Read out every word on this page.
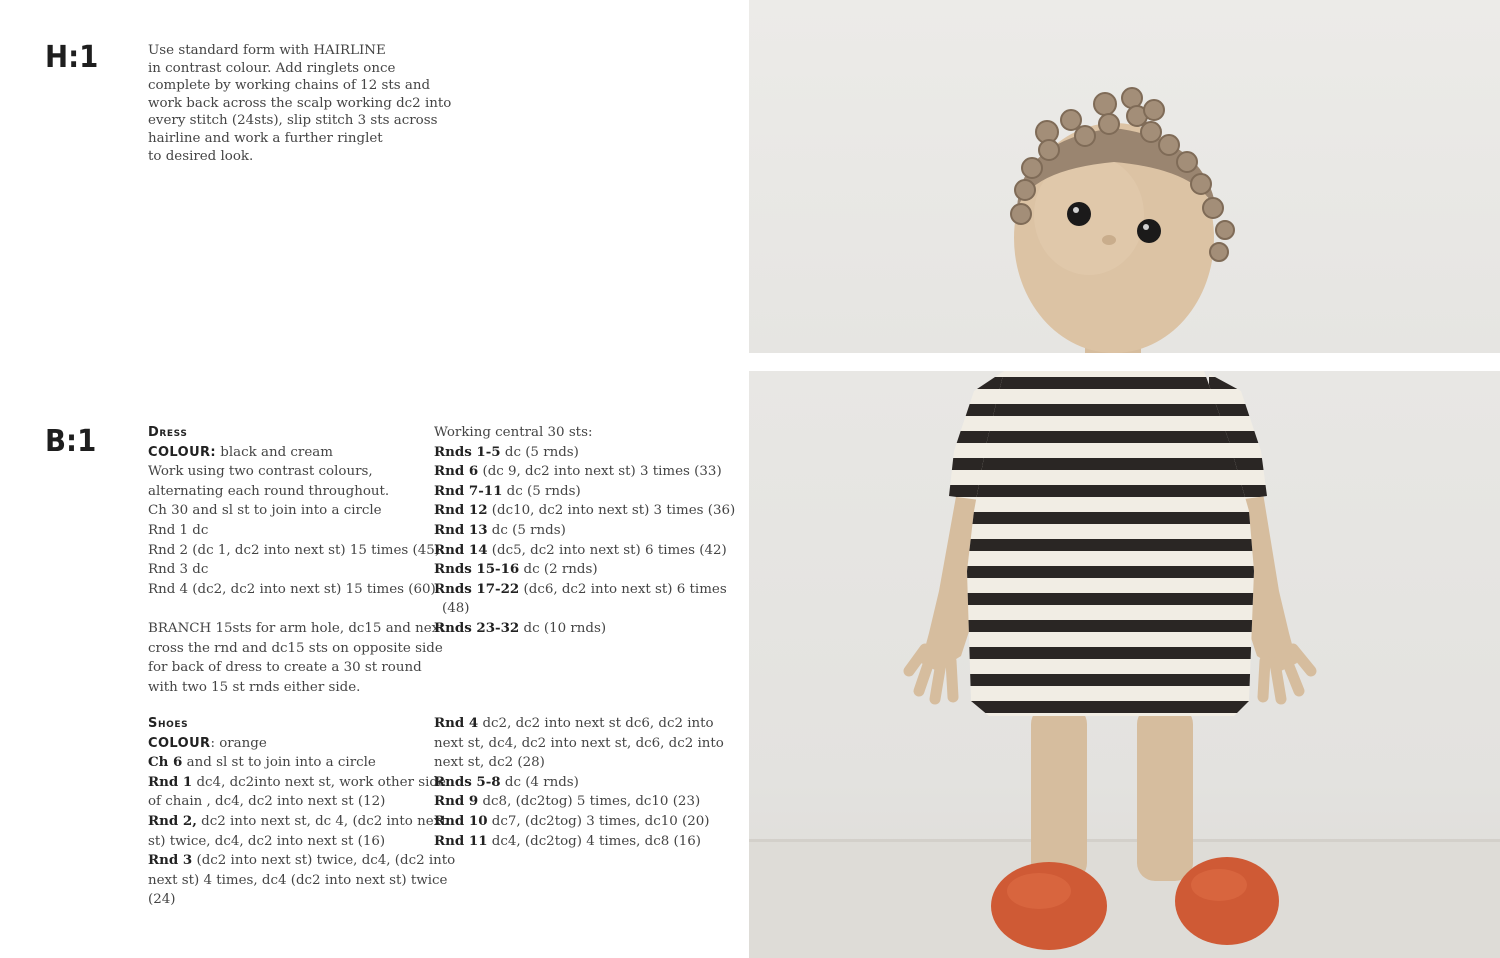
H:1	Use standard form with HAIRLINE

in contrast colour. Add ringlets once

complete by working chains of 12 sts and

work back across the scalp working dc2 into

every stitch (24sts), slip stitch 3 sts across

hairline and work a further ringlet

to desired look.

B:1	Dress

COLOUR: black and cream

Work using two contrast colours,

alternating each round throughout.

Ch 30 and sl st to join into a circle

Rnd 1 dc

Rnd 2 (dc 1, dc2 into next st) 15 times (45)

Rnd 3 dc

Rnd 4 (dc2, dc2 into next st) 15 times (60)

BRANCH 15sts for arm hole, dc15 and next

cross the rnd and dc15 sts on opposite side

for back of dress to create a 30 st round

with two 15 st rnds either side.

Working central 30 sts:

Rnds 1-5 dc (5 rnds)

Rnd 6 (dc 9, dc2 into next st) 3 times (33)

Rnd 7-11 dc (5 rnds)

Rnd 12 (dc10, dc2 into next st) 3 times (36)

Rnd 13 dc (5 rnds)

Rnd 14 (dc5, dc2 into next st) 6 times (42)

Rnds 15-16 dc (2 rnds)

Rnds 17-22 (dc6, dc2 into next st) 6 times

(48)

Rnds 23-32 dc (10 rnds)

Shoes

COLOUR: orange

Ch 6 and sl st to join into a circle

Rnd 1 dc4, dc2into next st, work other side

of chain , dc4, dc2 into next st (12)

Rnd 2, dc2 into next st, dc 4, (dc2 into next

st) twice, dc4, dc2 into next st (16)

Rnd 3 (dc2 into next st) twice, dc4, (dc2 into

next st) 4 times, dc4 (dc2 into next st) twice

(24)

Rnd 4 dc2, dc2 into next st dc6, dc2 into

next st, dc4, dc2 into next st, dc6, dc2 into

next st, dc2 (28)

Rnds 5-8 dc (4 rnds)

Rnd 9 dc8, (dc2tog) 5 times, dc10 (23)

Rnd 10 dc7, (dc2tog) 3 times, dc10 (20)

Rnd 11 dc4, (dc2tog) 4 times, dc8 (16)
